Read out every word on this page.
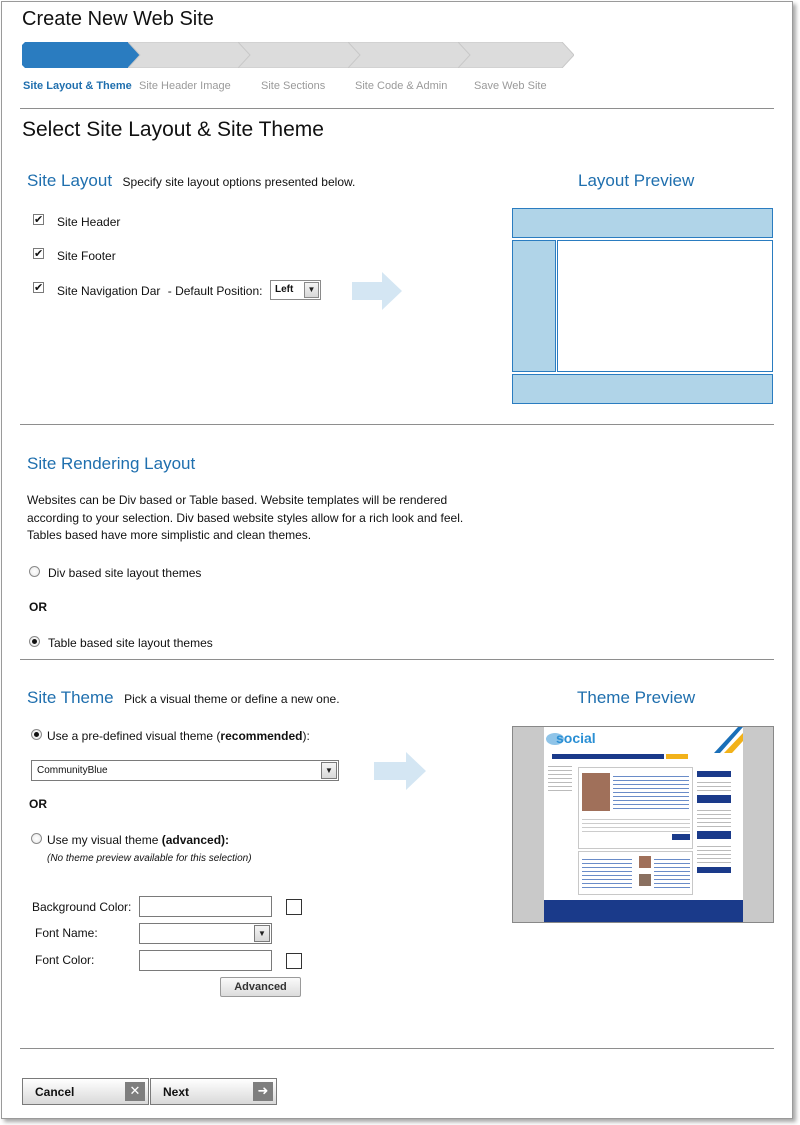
Create New Web Site
Site Layout & Theme Site Header Image	Site Sections	Site Code & Admin Save Web Site
Select Site Layout & Site Theme
Site Layout Specify site layout options presented below.
✔ Site Header
✔ Site Footer
✔ Site Navigation Dar - Default Position: Left	▼
Layout Preview
Site Rendering Layout
Websites can be Div based or Table based. Website templates will be rendered according to your selection. Div based website styles allow for a rich look and feel. Tables based have more simplistic and clean themes.
Div based site layout themes
OR
Table based site layout themes
Site Theme Pick a visual theme or define a new one.
Use a pre-defined visual theme (recommended):
CommunityBlue	▼
OR
Use my visual theme (advanced):
(No theme preview available for this selection)
Background Color:
Font Name:	▼
Font Color:
Advanced
Theme Preview
social
Cancel	✕	Next	➜
